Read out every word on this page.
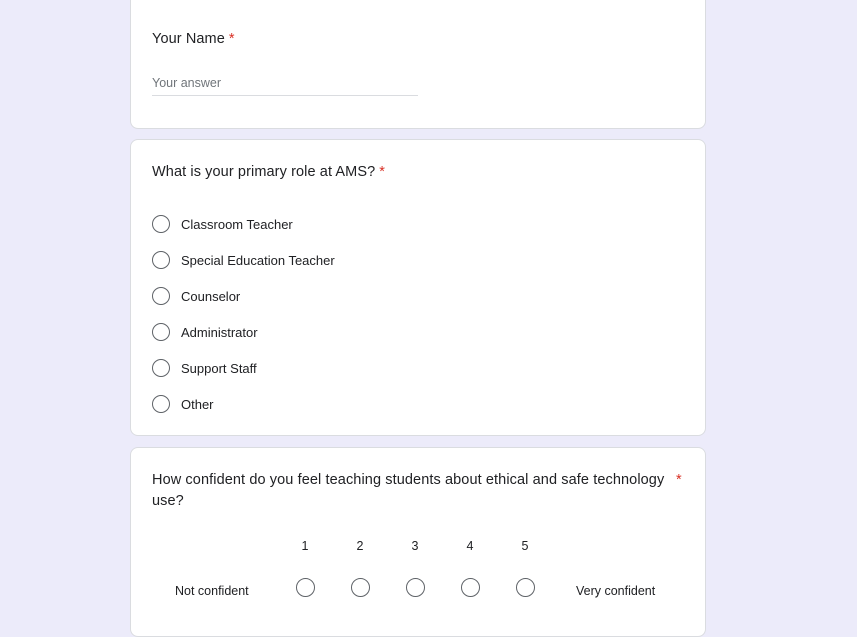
Your Name *
Your answer
What is your primary role at AMS? *
Classroom Teacher
Special Education Teacher
Counselor
Administrator
Support Staff
Other
How confident do you feel teaching students about ethical and safe technology use?
*
1	2	3	4	5
Not confident	Very confident
